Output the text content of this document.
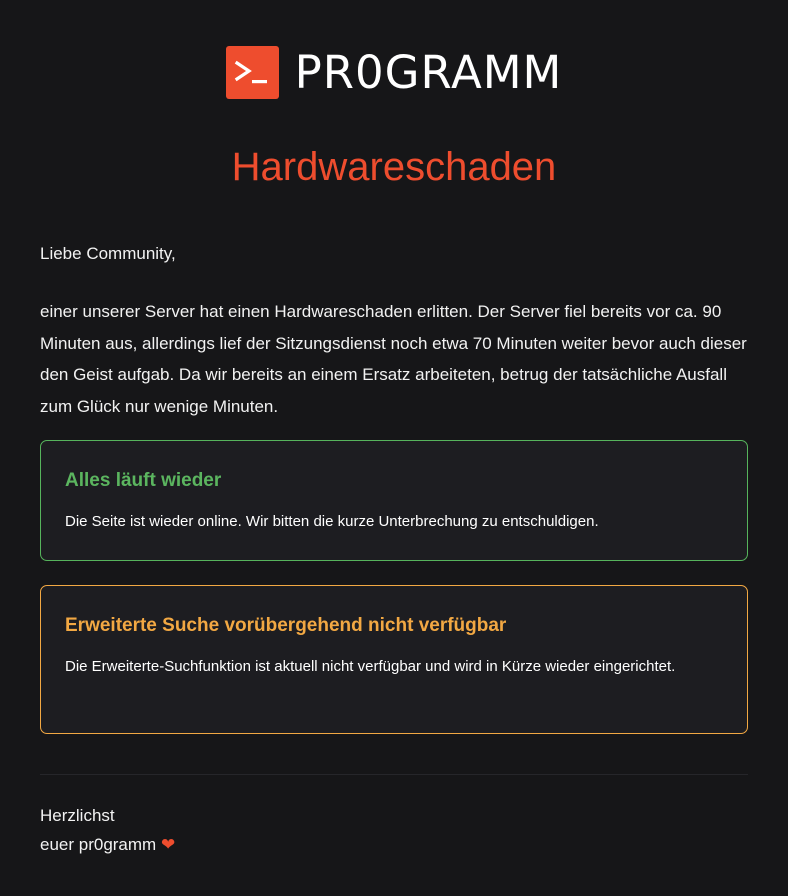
PR0GRAMM
Hardwareschaden

Liebe Community,

einer unserer Server hat einen Hardwareschaden erlitten. Der Server fiel bereits vor ca. 90 Minuten aus, allerdings lief der Sitzungsdienst noch etwa 70 Minuten weiter bevor auch dieser den Geist aufgab. Da wir bereits an einem Ersatz arbeiteten, betrug der tatsächliche Ausfall zum Glück nur wenige Minuten.

Alles läuft wieder

Die Seite ist wieder online. Wir bitten die kurze Unterbrechung zu entschuldigen.

Erweiterte Suche vorübergehend nicht verfügbar

Die Erweiterte-Suchfunktion ist aktuell nicht verfügbar und wird in Kürze wieder eingerichtet.

Herzlichst
euer pr0gramm ❤
